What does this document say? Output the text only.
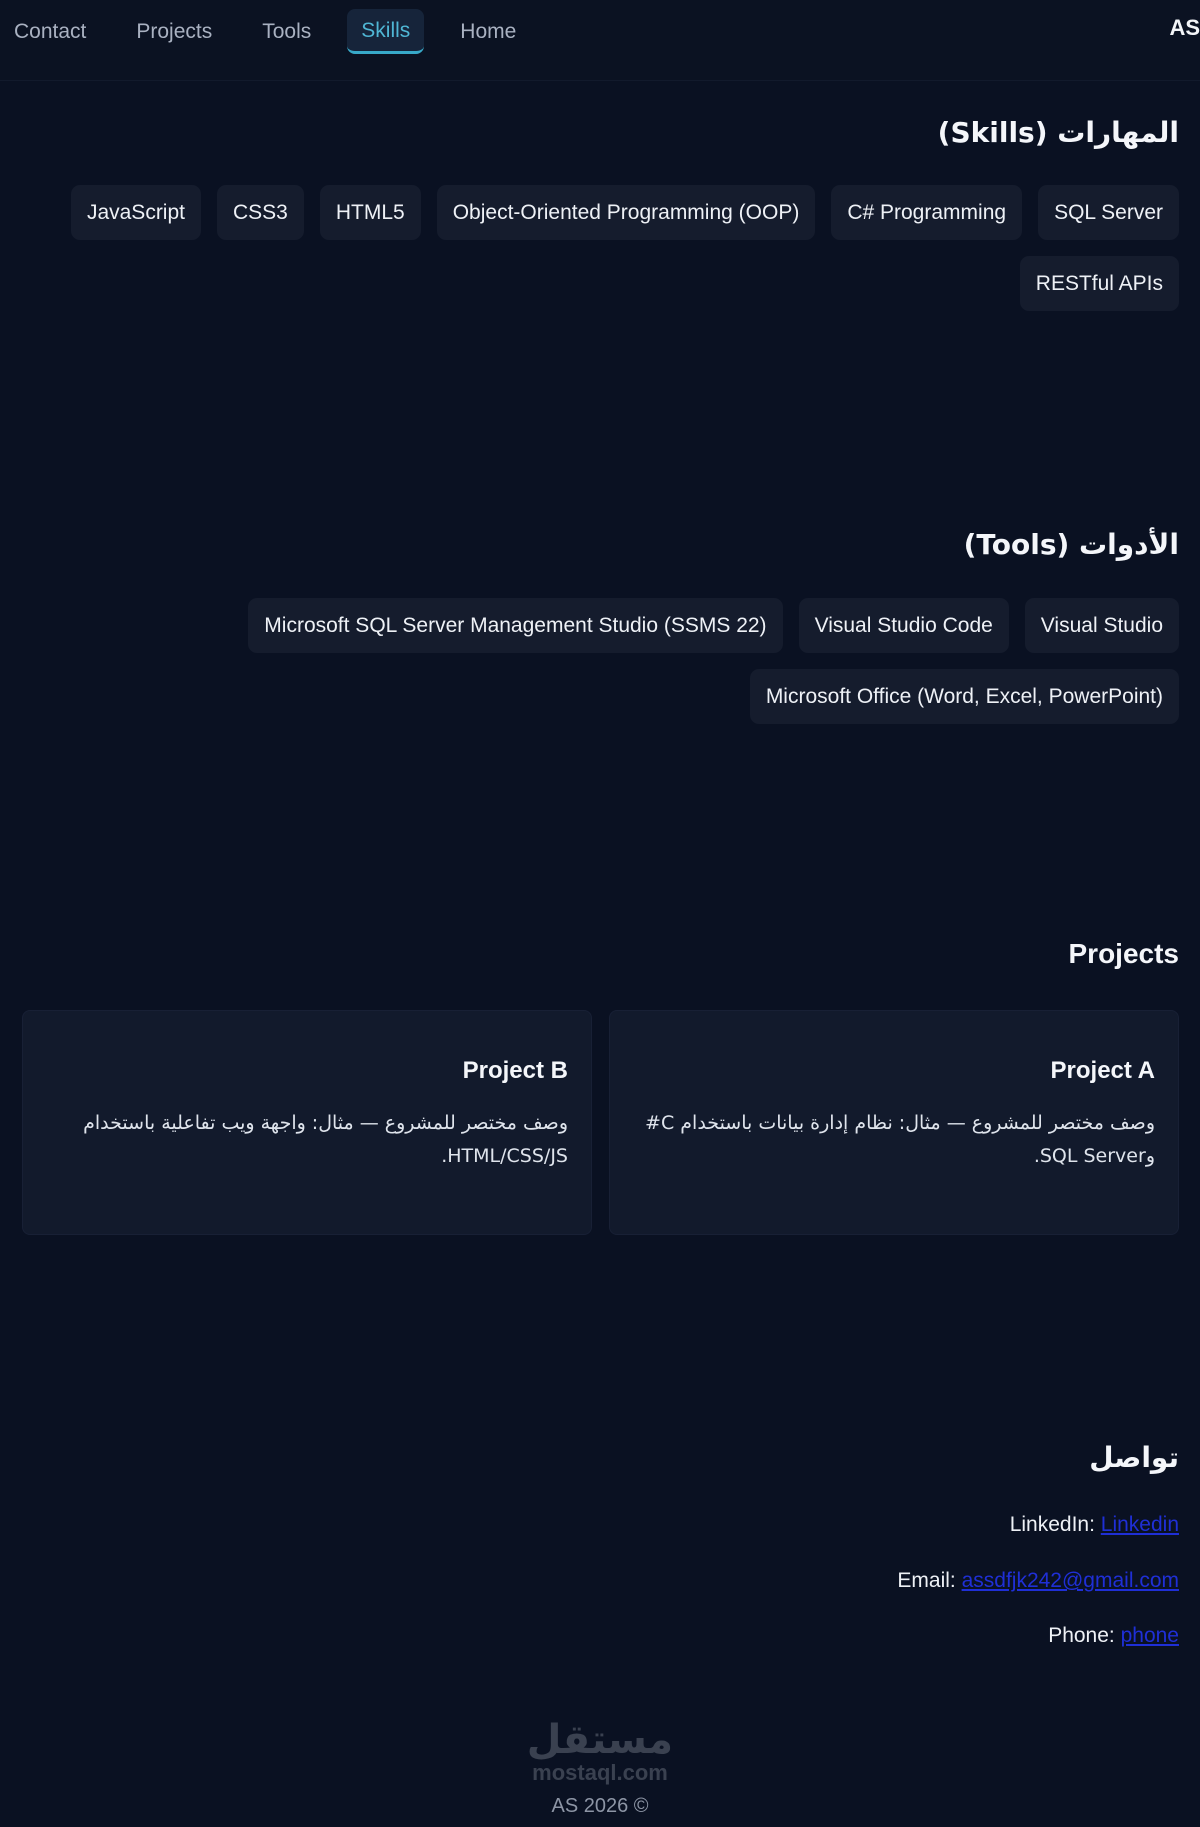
Contact	Projects	Tools	Skills	Home	AS
المهارات (Skills)
SQL Server
C# Programming
Object-Oriented Programming (OOP)
HTML5
CSS3
JavaScript
RESTful APIs
الأدوات (Tools)
Visual Studio
Visual Studio Code
Microsoft SQL Server Management Studio (SSMS 22)
Microsoft Office (Word, Excel, PowerPoint)
Projects
Project A

وصف مختصر للمشروع — مثال: نظام إدارة بيانات باستخدام C# وSQL Server.

Project B

وصف مختصر للمشروع — مثال: واجهة ويب تفاعلية باستخدام HTML/CSS/JS.

تواصل
LinkedIn: Linkedin
Email: assdfjk242@gmail.com
Phone: phone
مستقل
mostaql.com
AS 2026 ©
